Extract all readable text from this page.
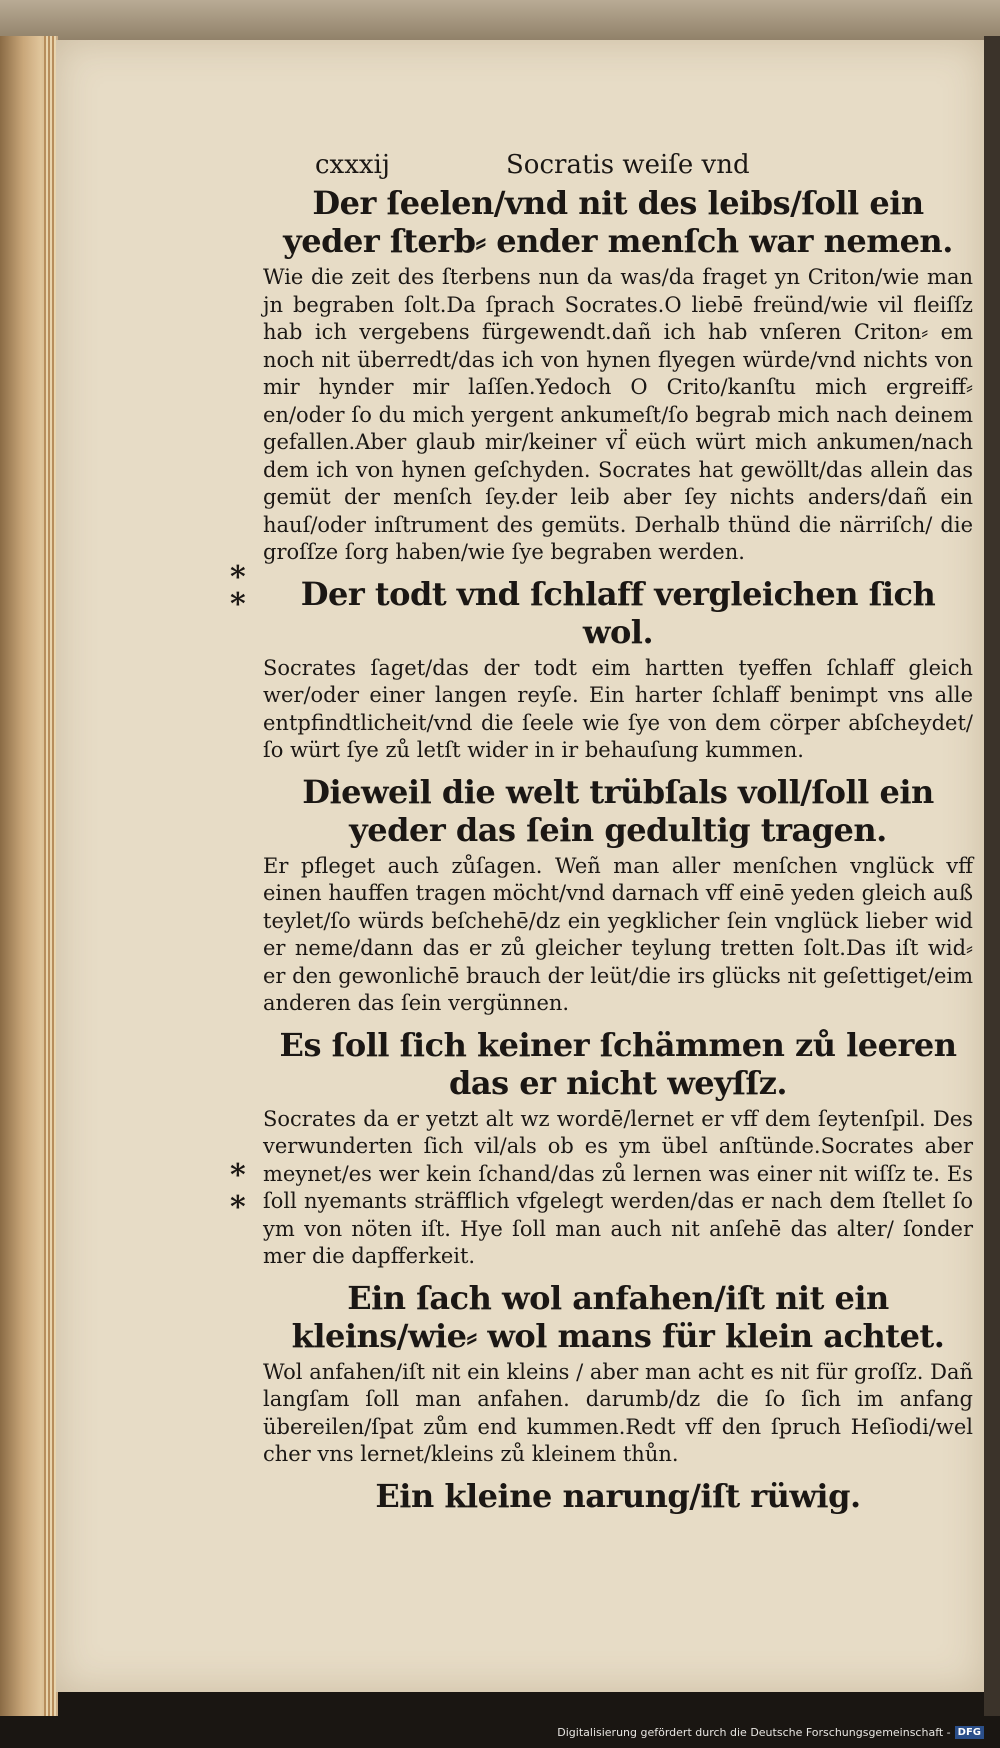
*
*
*
*
cxxxij	Socratis weiſe vnd
Der ſeelen/vnd nit des leibs/ſoll ein yeder ſterb⸗ ender menſch war nemen.

Wie die zeit des ſterbens nun da was/da fraget yn Criton/wie man jn begraben ſolt.Da ſprach Socrates.O liebē freünd/wie vil fleiſſz hab ich vergebens fürgewendt.dañ ich hab vnſeren Criton⸗ em noch nit überredt/das ich von hynen flyegen würde/vnd nichts von mir hynder mir laſſen.Yedoch O Crito/kanſtu mich ergreiff⸗ en/oder ſo du mich yergent ankumeſt/ſo begrab mich nach deinem gefallen.Aber glaub mir/keiner vſ̈ eüch würt mich ankumen/nach dem ich von hynen geſchyden. Socrates hat gewöllt/das allein das gemüt der menſch ſey.der leib aber ſey nichts anders/dañ ein hauſ/oder inſtrument des gemüts. Derhalb thünd die närriſch/ die groſſze ſorg haben/wie ſye begraben werden.

Der todt vnd ſchlaff vergleichen ſich wol.

Socrates ſaget/das der todt eim hartten tyeffen ſchlaff gleich wer/oder einer langen reyſe. Ein harter ſchlaff benimpt vns alle entpfindtlicheit/vnd die ſeele wie ſye von dem cörper abſcheydet/ ſo würt ſye zů letſt wider in ir behauſung kummen.

Dieweil die welt trübſals voll/ſoll ein yeder das ſein gedultig tragen.

Er pfleget auch zůſagen. Weñ man aller menſchen vnglück vff einen hauffen tragen möcht/vnd darnach vff einē yeden gleich auß teylet/ſo würds beſchehē/dz ein yegklicher ſein vnglück lieber wid er neme/dann das er zů gleicher teylung tretten ſolt.Das iſt wid⸗ er den gewonlichē brauch der leüt/die irs glücks nit geſettiget/eim anderen das ſein vergünnen.

Es ſoll ſich keiner ſchämmen zů leeren das er nicht weyſſz.

Socrates da er yetzt alt wz wordē/lernet er vff dem ſeytenſpil. Des verwunderten ſich vil/als ob es ym übel anſtünde.Socrates aber meynet/es wer kein ſchand/das zů lernen was einer nit wiſſz te. Es ſoll nyemants sträfflich vfgelegt werden/das er nach dem ſtellet ſo ym von nöten iſt. Hye ſoll man auch nit anſehē das alter/ ſonder mer die dapfferkeit.

Ein ſach wol anfahen/iſt nit ein kleins/wie⸗ wol mans für klein achtet.

Wol anfahen/iſt nit ein kleins / aber man acht es nit für groſſz. Dañ langſam ſoll man anfahen. darumb/dz die ſo ſich im anfang übereilen/ſpat zům end kummen.Redt vff den ſpruch Heſiodi/wel cher vns lernet/kleins zů kleinem thůn.

Ein kleine narung/iſt rüwig.
Digitalisierung gefördert durch die Deutsche Forschungsgemeinschaft - DFG
